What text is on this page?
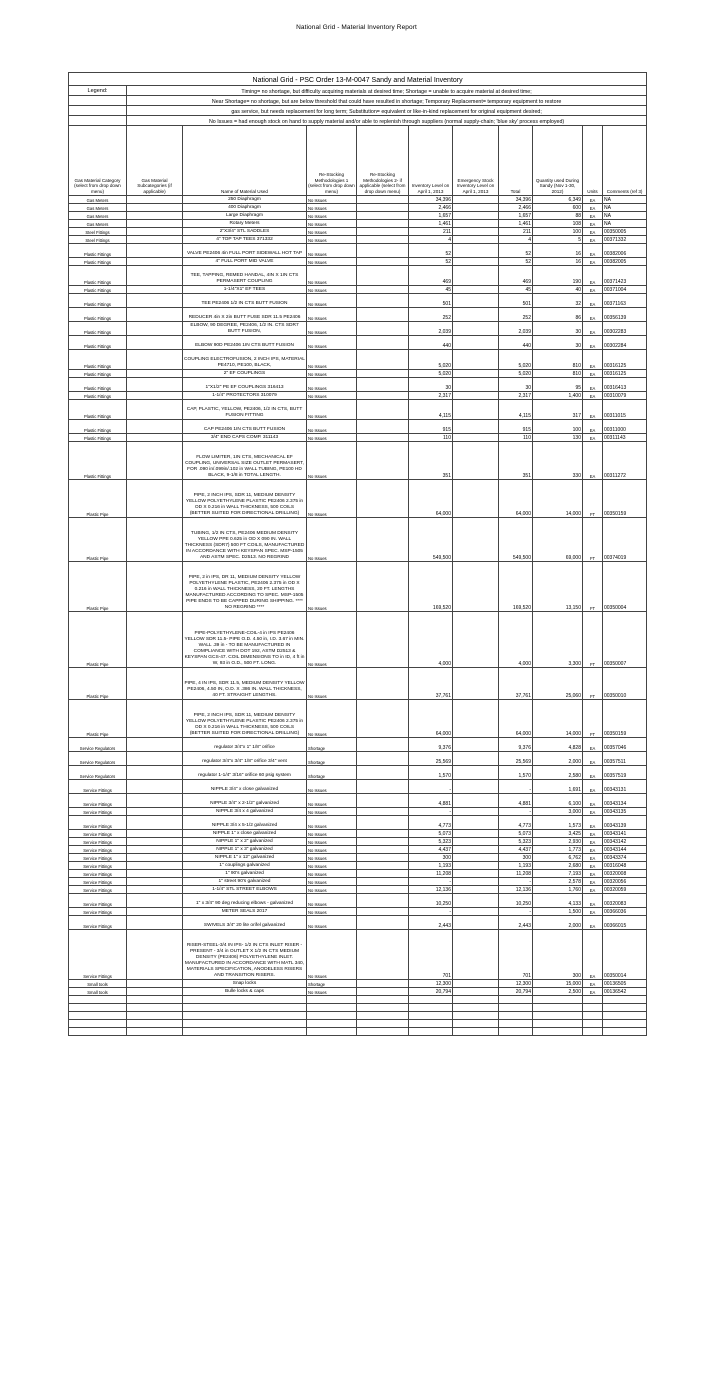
National Grid - Material Inventory Report
National Grid - PSC Order 13-M-0047 Sandy and Material Inventory										
Legend:	Timing= no shortage, but difficulty acquiring materials at desired time; Shortage = unable to acquire material at desired time;									
	Near Shortage= no shortage, but are below threshold that could have resulted in shortage; Temporary Replacement= temporary equipment to restore									
	gas service, but needs replacement for long term; Substitution= equivalent or like-in-kind replacement for original equipment desired;									
	No Issues = had enough stock on hand to supply material and/or able to replenish through suppliers (normal supply-chain; 'blue sky' process employed)									
Gas Material Category (select from drop down menu)	Gas Material Subcategories (if applicable)	Name of Material Used	Re-Stocking Methodologies 1 (select from drop down menu)	Re-Stocking Methodologies 2- if applicable (select from drop down menu)	Inventory Level on April 1, 2013	Emergency Stock Inventory Level on April 1, 2013	Total	Quantity used During Sandy (Nov 1-30, 2012)	Units	Comments (ref 3)
Gas Meters		250 Diaphragm	No Issues		34,396		34,396	6,349	EA	NA
Gas Meters		400 Diaphragm	No Issues		2,466		2,466	600	EA	NA
Gas Meters		Large Diaphragm	No Issues		1,657		1,657	88	EA	NA
Gas Meters		Rotary Meters	No Issues		1,461		1,461	108	EA	NA
Steel Fittings		2"X3/4" STL SADDLES	No Issues		211		211	100	EA	00350005
Steel Fittings		4" TOP TAP TEES 371332	No Issues		4		4	5	EA	00371332
Plastic Fittings		VALVE PE2406 4in FULL PORT SIDEWALL HOT TAP	No Issues		52		52	16	EA	00382006
Plastic Fittings		4" FULL PORT MID VALVE	No Issues		52		52	16	EA	00382005
Plastic Fittings		TEE, TAPPING, REMED HANDAL, 4IN X 1IN CTS PERMASERT COUPLING	No Issues		469		469	190	EA	00371423
Plastic Fittings		1-1/4"X1" EF TEES	No Issues		45		45	40	EA	00371004
Plastic Fittings		TEE PE2406 1/2 IN CTS BUTT FUSION	No Issues		501		501	32	EA	00371163
Plastic Fittings		REDUCER 4in X 2in BUTT FUSE SDR 11.5 PE2406	No Issues		252		252	86	EA	00356139
Plastic Fittings		ELBOW, 90 DEGREE, PE2406, 1/2 IN. CTS SDR7 BUTT FUSION,	No Issues		2,039		2,039	30	EA	00302283
Plastic Fittings		ELBOW 90D PE2406 1IN CTS BUTT FUSION	No Issues		440		440	30	EA	00302284
Plastic Fittings		COUPLING ELECTROFUSION, 2 INCH IPS, MATERIAL PE4710, PE100, BLACK,	No Issues		5,020		5,020	810	EA	00316125
Plastic Fittings		2" EF COUPLINGS	No Issues		5,020		5,020	810	EA	00316125
Plastic Fittings		1"X1/2" PE EF COUPLINGS 316413	No Issues		30		30	95	EA	00316413
Plastic Fittings		1-1/4" PROTECTORS 310079	No Issues		2,317		2,317	1,400	EA	00310079
Plastic Fittings		CAP, PLASTIC, YELLOW, PE2406, 1/2 IN CTS, BUTT FUSION FITTING	No Issues		4,115		4,115	317	EA	00311015
Plastic Fittings		CAP PE2406 1IN CTS BUTT FUSION	No Issues		915		915	100	EA	00311000
Plastic Fittings		3/4" END CAPS COMP. 311143	No Issues		110		110	130	EA	00311143
Plastic Fittings		FLOW LIMITER, 1IN CTS, MECHANICAL EF COUPLING, UNIVERSAL SIZE OUTLET PERMASERT, FOR .090 in/.099in/.102 in WALL TUBING, PE100 HD BLACK, 9-1/8 in TOTAL LENGTH.	No Issues		351		351	330	EA	00311272
Plastic Pipe		PIPE, 2 INCH IPS, SDR 11, MEDIUM DENSITY YELLOW POLYETHYLENE PLASTIC PE2406 2.375 in OD X 0.216 in WALL THICKNESS, 500 COILS (BETTER SUITED FOR DIRECTIONAL DRILLING)	No Issues		64,000		64,000	14,000	FT	00350159
Plastic Pipe		TUBING, 1/2 IN CTS, PE2406 MEDIUM DENSITY YELLOW PPE 0.625 in OD X 090 IN. WALL THICKNESS (SDR7) 500 FT COILS, MANUFACTURED IN ACCORDANCE WITH KEYSPAN SPEC. MSP-1505 AND ASTM SPEC. D2513. NO REGRIND	No Issues		549,500		549,500	69,000	FT	00374019
Plastic Pipe		PIPE, 2 in IPS, DR 11, MEDIUM DENSITY YELLOW POLYETHYLENE PLASTIC, PE2406 2.375 in OD X 0.216 in WALL THICKNESS, 20 FT. LENGTHS MANUFACTURED ACCORDING TO SPEC. MSP-1505 PIPE ENDS TO BE CAPPED DURING SHIPPING. **** NO REGRIND ****	No Issues		169,520		169,520	13,150	FT	00350004
Plastic Pipe		PIPE-POLYETHYLENE-COIL-4 in IPS PE2406 YELLOW SDR 11.5- PIPE O.D. 4.50 in, I.D. 3.67 in MIN. WALL .39 in - TO BE MANUFACTURED IN COMPLIANCE WITH DOT 192, ASTM D2513 & KEYSPAN GCS-47. COIL DIMENSIONS TO in ID, 4 ft in W, 93 in O.D., 500 FT. LONG.	No Issues		4,000		4,000	3,300	FT	00350007
Plastic Pipe		PIPE, 4 IN IPS, SDR 11.5, MEDIUM DENSITY YELLOW PE2406, 4.50 IN, O.D. X .386 IN. WALL THICKNESS, 40 FT. STRAIGHT LENGTHS.	No Issues		37,761		37,761	25,060	FT	00350010
Plastic Pipe		PIPE, 2 INCH IPS, SDR 11, MEDIUM DENSITY YELLOW POLYETHYLENE PLASTIC PE2406 2.375 in OD X 0.216 in WALL THICKNESS, 500 COILS (BETTER SUITED FOR DIRECTIONAL DRILLING)	No Issues		64,000		64,000	14,000	FT	00350159
Service Regulators		regulator 3/4"x 1" 1/8" orifice	Shortage		9,376		9,376	4,828	EA	00357046
Service Regulators		regulator 3/4"x 3/4" 1/8" orifice 3/4" vent	Shortage		25,569		25,569	2,000	EA	00357511
Service Regulators		regulator 1-1/4" 3/16" orifice 60 psig system	Shortage		1,570		1,570	2,580	EA	00357519
Service Fittings		NIPPLE 3/4" x close galvanized	No Issues		-		-	1,691	EA	00343131
Service Fittings		NIPPLE 3/4" x 2-1/2" galvanized	No Issues		4,881		4,881	6,100	EA	00343134
Service Fittings		NIPPLE 3/4 x 4 galvanized	No Issues		-		-	3,000	EA	00343135
Service Fittings		NIPPLE 3/4 x 5-1/2 galvanized	No Issues		4,773		4,773	1,573	EA	00343139
Service Fittings		NIPPLE 1" x close galvanized	No Issues		5,073		5,073	3,425	EA	00343141
Service Fittings		NIPPLE 1" x 2" galvanized	No Issues		5,323		5,323	2,930	EA	00343142
Service Fittings		NIPPLE 1" x 3" galvanized	No Issues		4,437		4,437	1,773	EA	00343144
Service Fittings		NIPPLE 1" x 12" galvanized	No Issues		300		300	6,762	EA	00343374
Service Fittings		1" couplings galvanized	No Issues		1,193		1,193	2,680	EA	00316048
Service Fittings		1" 90's galvanized	No Issues		11,208		11,208	7,193	EA	00320008
Service Fittings		1" street 90's galvanized	No Issues		-		-	2,578	EA	00320056
Service Fittings		1-1/4" STL STREET ELBOWS	No Issues		12,136		12,136	1,760	EA	00320059
Service Fittings		1" x 3/4" 90 deg reducing elbows - galvanized	No Issues		10,250		10,250	4,133	EA	00320083
Service Fittings		METER SEALS 2017	No Issues		-		-	1,500	EA	00366036
Service Fittings		SWIVELS 3/4" 20 lite orifel galvanized	No Issues		2,443		2,443	2,000	EA	00366015
Service Fittings		RISER-STEEL-3/4 IN IPS- 1/2 IN CTS INLET RISER - PRESENT - 3/4 in OUTLET X 1/2 IN CTS MEDIUM DENSITY (PE2406) POLYETHYLENE INLET. MANUFACTURED IN ACCORDANCE WITH MATL 340, MATERIALS SPECIFICATION, ANODELESS RISERS AND TRANSITION RISERS.	No Issues		701		701	300	EA	00350014
Small tools		Snap locks	Shortage		12,300		12,300	15,000	EA	00136505
Small tools		Bulle locks & caps	No Issues		20,794		20,794	2,500	EA	00136542
